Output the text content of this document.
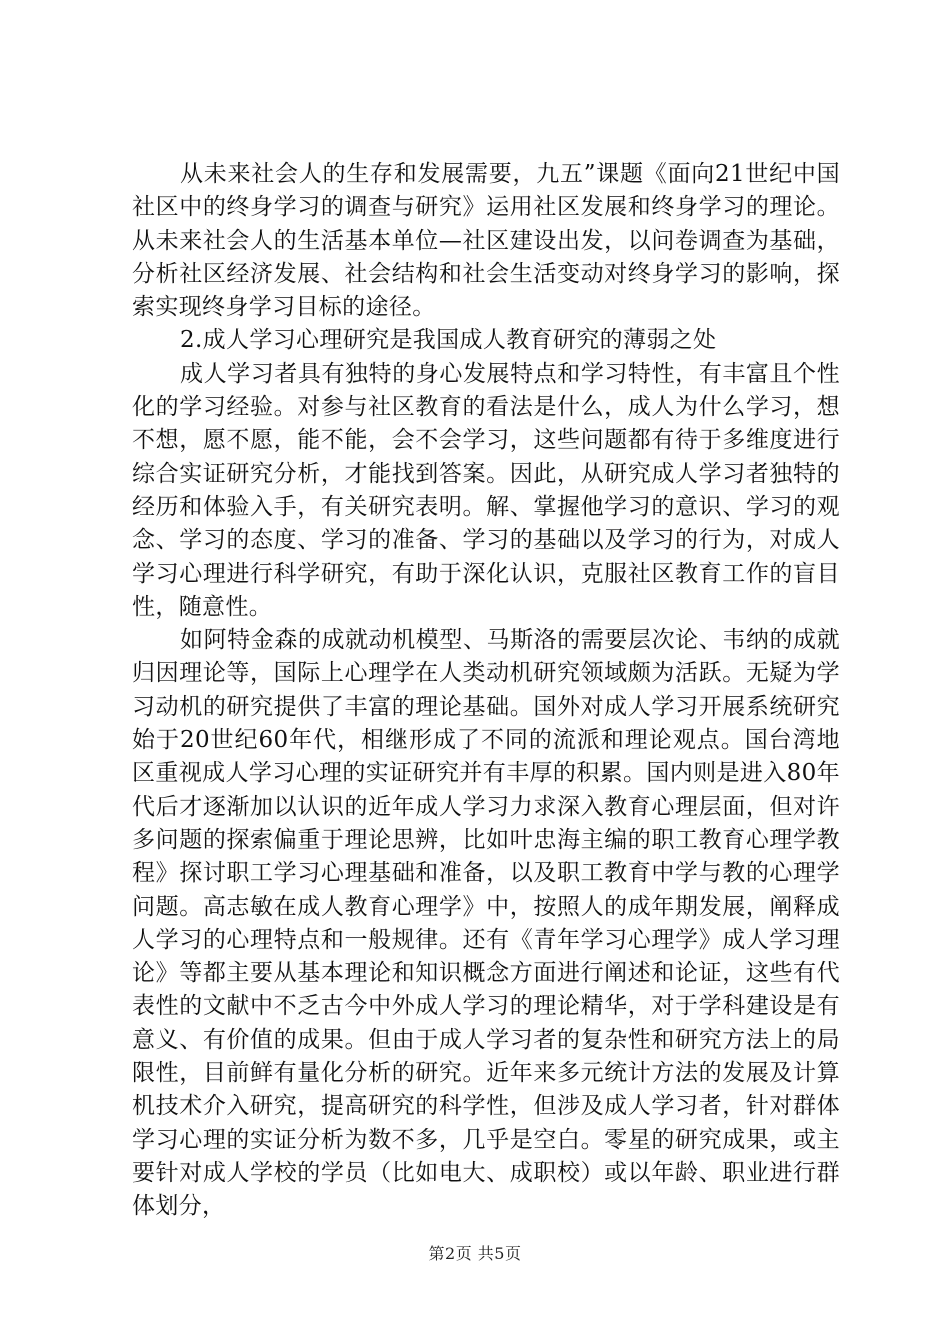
从未来社会人的生存和发展需要，九五”课题《面向21世纪中国社区中的终身学习的调查与研究》运用社区发展和终身学习的理论。从未来社会人的生活基本单位—社区建设出发，以问卷调查为基础，分析社区经济发展、社会结构和社会生活变动对终身学习的影响，探索实现终身学习目标的途径。

2.成人学习心理研究是我国成人教育研究的薄弱之处

成人学习者具有独特的身心发展特点和学习特性，有丰富且个性化的学习经验。对参与社区教育的看法是什么，成人为什么学习，想不想，愿不愿，能不能，会不会学习，这些问题都有待于多维度进行综合实证研究分析，才能找到答案。因此，从研究成人学习者独特的经历和体验入手，有关研究表明。解、掌握他学习的意识、学习的观念、学习的态度、学习的准备、学习的基础以及学习的行为，对成人学习心理进行科学研究，有助于深化认识，克服社区教育工作的盲目性，随意性。

如阿特金森的成就动机模型、马斯洛的需要层次论、韦纳的成就归因理论等，国际上心理学在人类动机研究领域颇为活跃。无疑为学习动机的研究提供了丰富的理论基础。国外对成人学习开展系统研究始于20世纪60年代，相继形成了不同的流派和理论观点。国台湾地区重视成人学习心理的实证研究并有丰厚的积累。国内则是进入80年代后才逐渐加以认识的近年成人学习力求深入教育心理层面，但对许多问题的探索偏重于理论思辨，比如叶忠海主编的职工教育心理学教程》探讨职工学习心理基础和准备，以及职工教育中学与教的心理学问题。高志敏在成人教育心理学》中，按照人的成年期发展，阐释成人学习的心理特点和一般规律。还有《青年学习心理学》成人学习理论》等都主要从基本理论和知识概念方面进行阐述和论证，这些有代表性的文献中不乏古今中外成人学习的理论精华，对于学科建设是有意义、有价值的成果。但由于成人学习者的复杂性和研究方法上的局限性，目前鲜有量化分析的研究。近年来多元统计方法的发展及计算机技术介入研究，提高研究的科学性，但涉及成人学习者，针对群体学习心理的实证分析为数不多，几乎是空白。零星的研究成果，或主要针对成人学校的学员（比如电大、成职校）或以年龄、职业进行群体划分，

第2页 共5页
